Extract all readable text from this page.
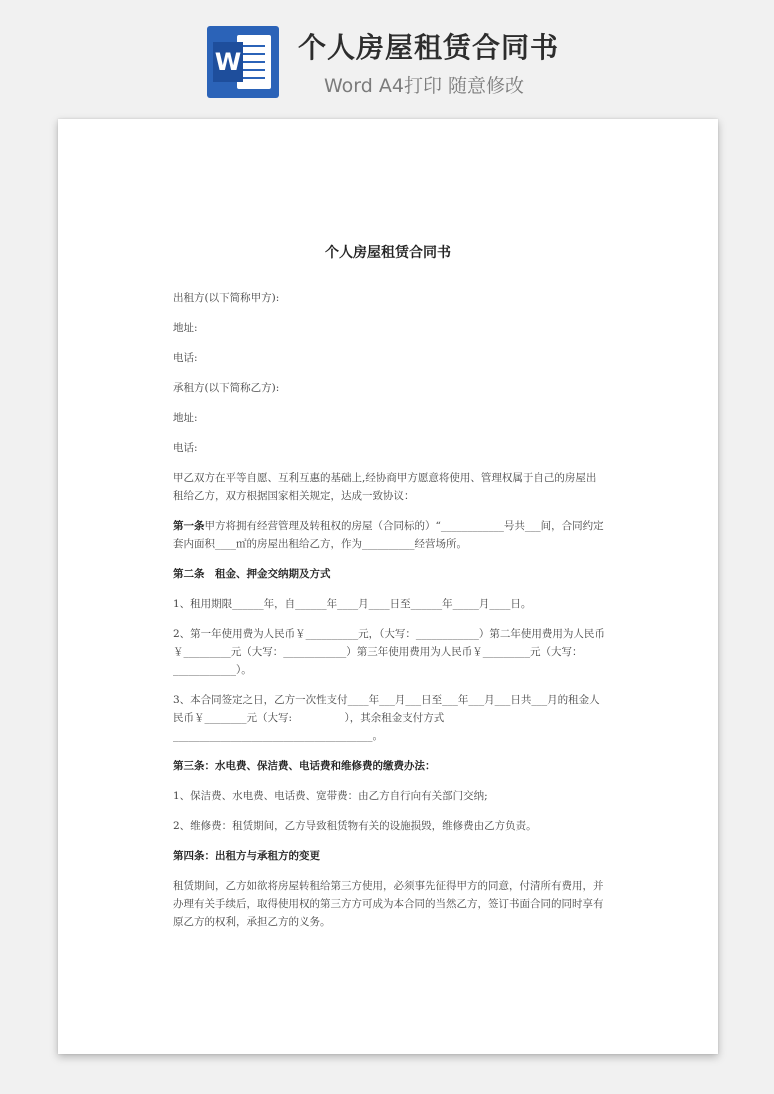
W 个人房屋租赁合同书
Word A4打印 随意修改

个人房屋租赁合同书

出租方(以下简称甲方):

地址:

电话:

承租方(以下简称乙方):

地址:

电话:

甲乙双方在平等自愿、互利互惠的基础上,经协商甲方愿意将使用、管理权属于自己的房屋出租给乙方，双方根据国家相关规定，达成一致协议：

第一条甲方将拥有经营管理及转租权的房屋（合同标的）“____________号共___间，合同约定套内面积____㎡的房屋出租给乙方，作为__________经营场所。

第二条　租金、押金交纳期及方式

1、租用期限______年，自______年____月____日至______年_____月____日。

2、第一年使用费为人民币￥__________元，（大写：____________）第二年使用费用为人民币￥_________元（大写：____________）第三年使用费用为人民币￥_________元（大写：____________）。

3、本合同签定之日，乙方一次性支付____年___月___日至___年___月___日共___月的租金人民币￥________元（大写:　　　　　），其余租金支付方式______________________________________。

第三条：水电费、保洁费、电话费和维修费的缴费办法：

1、保洁费、水电费、电话费、宽带费：由乙方自行向有关部门交纳;

2、维修费：租赁期间，乙方导致租赁物有关的设施损毁，维修费由乙方负责。

第四条：出租方与承租方的变更

租赁期间，乙方如欲将房屋转租给第三方使用，必须事先征得甲方的同意，付清所有费用，并办理有关手续后，取得使用权的第三方方可成为本合同的当然乙方，签订书面合同的同时享有原乙方的权利，承担乙方的义务。
